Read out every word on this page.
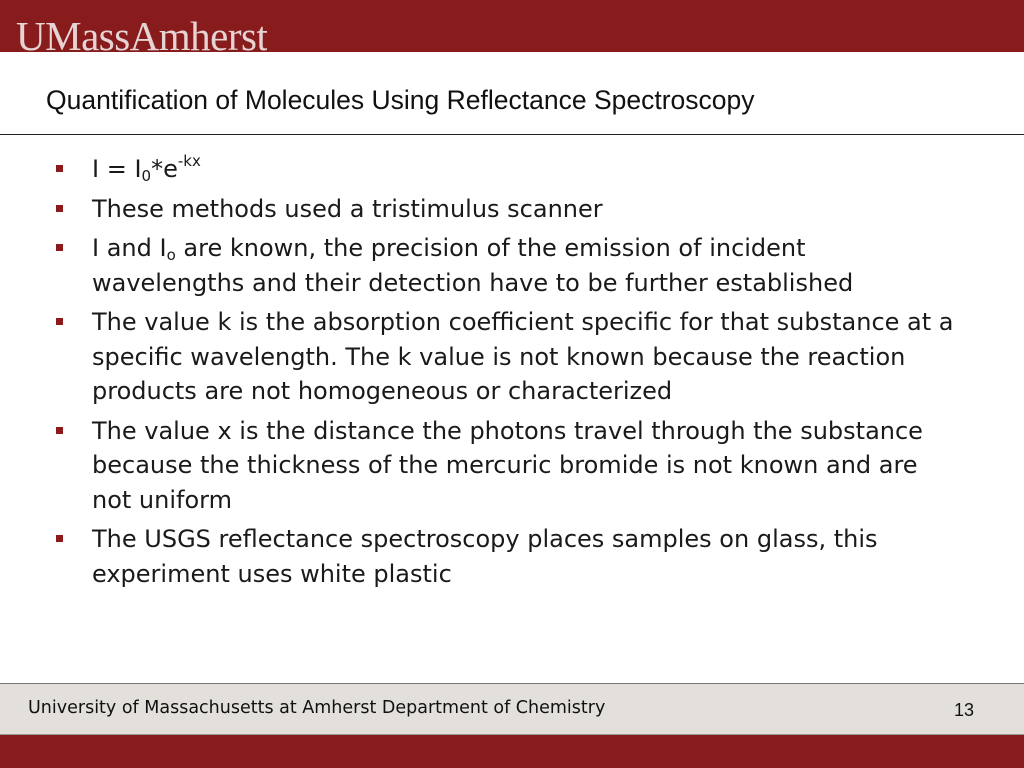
UMassAmherst
Quantification of Molecules Using Reflectance Spectroscopy
$I = I_0*e^{-kx}$
These methods used a tristimulus scanner
I and $I_o$ are known, the precision of the emission of incident wavelengths and their detection have to be further established
The value k is the absorption coefficient specific for that substance at a specific wavelength. The k value is not known because the reaction products are not homogeneous or characterized
The value x is the distance the photons travel through the substance because the thickness of the mercuric bromide is not known and are not uniform
The USGS reflectance spectroscopy places samples on glass, this experiment uses white plastic
University of Massachusetts at Amherst Department of Chemistry	13
